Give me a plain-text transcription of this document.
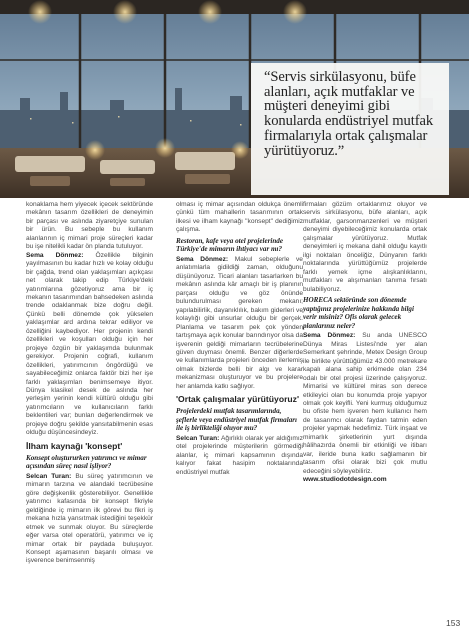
“Servis sirkülasyonu, büfe alanları, açık mutfaklar ve müşteri deneyimi gibi konularda endüstriyel mutfak firmalarıyla ortak çalışmalar yürütüyoruz.”

konaklama hem yiyecek içecek sektöründe mekânın tasarım özellikleri de deneyimin bir parçası ve aslında ziyaretçiye sunulan bir ürün. Bu sebeple bu kullanım alanlarının iç mimari proje süreçleri kadar bu işe nitelikli kadar ön planda tutuluyor.

Sema Dönmez: Özellikle bilginin yayılmasının bu kadar hızlı ve kolay olduğu bir çağda, trend olan yaklaşımları açıkçası net olarak takip edip Türkiye'deki yatırımlarına gözetiyoruz ama bir iç mekanın tasarımından bahsedeken aslında trende odaklanmak bize doğru değil. Çünkü belli dönemde çok yükselen yaklaşımlar ard ardına tekrar ediliyor ve özelliğini kaybediyor. Her projenin kendi özellikleri ve koşulları olduğu için her projeye özgün bir yaklaşımda bulunmak gerekiyor. Projenin coğrafi, kullanım özellikleri, yatırımcının öngördüğü ve sayabileceğimiz onlarca faktör bizi her işe farklı yaklaşımları benimsemeye itiyor. Dünya klasikel desek de aslında her yerleşim yerinin kendi kültürü olduğu gibi yatırımcıların ve kullanıcıların farklı beklentileri var; bunları değerlendirmek ve projeye doğru şekilde yansıtabilmenin esas olduğu düşüncesindeyiz.

İlham kaynağı 'konsept'
Konsept oluştururken yatırımcı ve mimar açısından süreç nasıl işliyor?

Selcan Turan: Bu süreç yatırımcının ve mimarın tarzına ve alandaki tecrübesine göre değişkenlik gösterebiliyor. Genellikle yatırımcı kafasında bir konsept fikriyle geldiğinde iç mimarın ilk görevi bu fikri iş mekana hızla yansıtmak istediğini teşekkür etmek ve sunmak oluyor. Bu süreçlerde eğer varsa otel operatörü, yatırımcı ve iç mimar ortak bir paydada buluşuyor. Konsept aşamasının başarılı olması ve işverence benimsenmiş

olması iç mimar açısından oldukça önemli çünkü tüm mahallerin tasarımının ortak ilkesi ve ilham kaynağı "konsept" dediğimiz çalışma.

Restoran, kafe veya otel projelerinde Türkiye'de mimarın ihtiyacı var mı?

Sema Dönmez: Makul sebeplerle ve anlatımlarla gidildiği zaman, olduğunu düşünüyoruz. Ticari alanları tasarlarken bu mekânın aslında kâr amaçlı bir iş planının parçası olduğu ve göz önünde bulundurulması gereken mekanı; yapılabilirlik, dayanıklılık, bakım giderleri ve kolaylığı gibi unsurlar olduğu bir gerçek. Planlama ve tasarım pek çok yönden tartışmaya açık konular barındırıyor olsa da işverenin geldiği mimarların tecrübelerine güven duyması önemli. Benzer diğerlerde ve kullanımlarda projeleri önceden ilerlemiş olmak bizlerde belli bir algı ve karar mekanizması oluşturuyor ve bu projelere her anlamda katkı sağlıyor.

'Ortak çalışmalar yürütüyoruz'
Projelerdeki mutfak tasarımlarında, şeflerle veya endüstriyel mutfak firmaları ile iş birlikteliği oluyor mu?

Selcan Turan: Ağırlıklı olarak yer aldığımız otel projelerinde müşterilerin görmediği alanlar, iç mimari kapsamının dışında kalıyor fakat hasipim noktalarında endüstriyel mutfak

firmaları gözüm ortaklarımız oluyor ve servis sirkülasyonu, büfe alanları, açık mutfaklar, garsonmanzenleri ve müşteri deneyimi diyebileceğimiz konularda ortak çalışmalar yürütüyoruz. Mutfak deneyimleri iç mekana dahil olduğu kayıtlı ilgi noktaları önceliğiz, Dünyanın farklı noktalarında yürüttüğümüz projelerde farklı yemek içme alışkanlıklarını, mutfakları ve alışımanları tanıma fırsatı bulabiliyoruz.

HORECA sektöründe son dönemde yaptığınız projelerinize hakkında bilgi verir misiniz? Ofis olarak gelecek planlarınız neler?

Sema Dönmez: Su anda UNESCO Dünya Miras Listesi'nde yer alan Semerkant şehrinde, Metex Design Group ile birlikte yürüttüğümüz 43.000 metrekare kapalı alana sahip erkimede olan 234 odalı bir otel projesi üzerinde çalışıyoruz. Mimarisi ve kültürel miras son derece etkileyici olan bu konumda proje yapıyor olmak çok keyifli. Yeni kurmuş olduğumuz bu ofiste hem işveren hem kullanıcı hem de tasarımcı olarak faydan tatmin eden projeler yapmak hedefimiz. Türk inşaat ve mimarlık şirketlerinin yurt dışında hâlihazırda önemli bir etkinliği ve itibarı var, ileride buna katkı sağlamanın bir tasarım ofisi olarak bizi çok mutlu edeceğini söyleyebiliriz.

www.studiodotdesign.com

153
